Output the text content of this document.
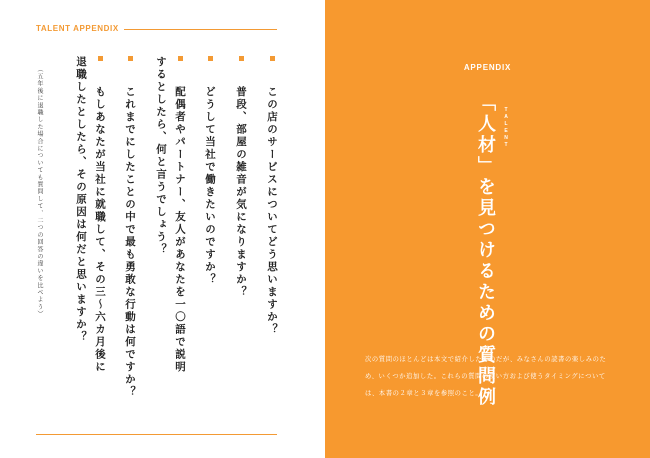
TALENT APPENDIX
この店のサービスについてどう思いますか？
普段、部屋の雑音が気になりますか？
どうして当社で働きたいのですか？
配偶者やパートナー、友人があなたを一〇語で説明するとしたら、何と言うでしょう？
これまでにしたことの中で最も勇敢な行動は何ですか？
もしあなたが当社に就職して、その三〜六カ月後に退職したとしたら、その原因は何だと思いますか？
（五年後に退職した場合についても質問して、二つの回答の違いを比べよう）	APPENDIX
次の質問のほとんどは本文で紹介したものだが、みなさんの読書の楽しみのため、いくつか追加した。これらの質問の使い方および使うタイミングについては、本書の２章と３章を参照のこと。
「人材」を見つけるための質問例 TALENT
